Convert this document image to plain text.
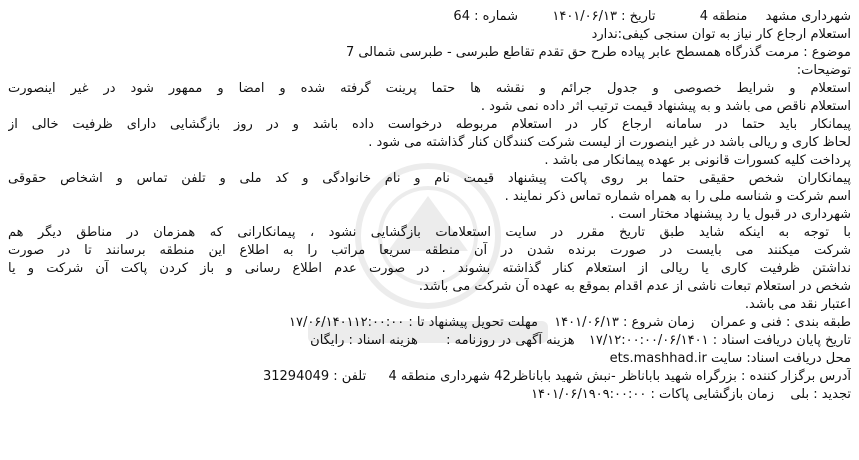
شهرداری مشهد  منطقه 4  تاریخ : ۱۴۰۱/۰۶/۱۳  شماره : 64
استعلام ارجاع کار نیاز به توان سنجی کیفی:ندارد
موضوع : مرمت گذرگاه همسطح عابر پیاده طرح حق تقدم تقاطع طبرسی - طبرسی شمالی 7
توضیحات:
استعلام و شرایط خصوصی و جدول جرائم و نقشه ها حتما پرینت گرفته شده و امضا و ممهور شود در غیر اینصورت
استعلام ناقص می باشد و به پیشنهاد قیمت ترتیب اثر داده نمی شود .
پیمانکار باید حتما در سامانه ارجاع کار در استعلام مربوطه درخواست داده باشد و در روز بازگشایی دارای ظرفیت خالی از
لحاظ کاری و ریالی باشد در غیر اینصورت از لیست شرکت کنندگان کنار گذاشته می شود .
پرداخت کلیه کسورات قانونی بر عهده پیمانکار می باشد .
پیمانکاران شخص حقیقی حتما بر روی پاکت پیشنهاد قیمت نام و نام خانوادگی و کد ملی و تلفن تماس و اشخاص حقوقی
اسم شرکت و شناسه ملی را به همراه شماره تماس ذکر نمایند .
شهرداری در قبول یا رد پیشنهاد مختار است .
با توجه به اینکه شاید طبق تاریخ مقرر در سایت استعلامات بازگشایی نشود ، پیمانکارانی که همزمان در مناطق دیگر هم
شرکت میکنند می بایست در صورت برنده شدن در آن منطقه سریعا مراتب را به اطلاع این منطقه برسانند تا در صورت
نداشتن ظرفیت کاری یا ریالی از استعلام کنار گذاشته بشوند . در صورت عدم اطلاع رسانی و باز کردن پاکت آن شرکت و یا
شخص در استعلام تبعات ناشی از عدم اقدام بموقع به عهده آن شرکت می باشد.
اعتبار نقد می باشد.
طبقه بندی : فنی و عمران  زمان شروع : ۱۴۰۱/۰۶/۱۳  مهلت تحویل پیشنهاد تا : ۱۷/۰۶/۱۴۰۱۱۲:۰۰:۰۰
تاریخ پایان دریافت اسناد : ۱۷/۱۲:۰۰:۰۰/۰۶/۱۴۰۱  هزینه آگهی در روزنامه :  هزینه اسناد : رایگان
محل دریافت اسناد: سایت ets.mashhad.ir
آدرس برگزار کننده : بزرگراه شهید باباناظر -نبش شهید باباناظر42 شهرداری منطقه 4  تلفن : 31294049
تجدید : بلی  زمان بازگشایی پاکات : ۱۴۰۱/۰۶/۱۹۰۹:۰۰:۰۰
